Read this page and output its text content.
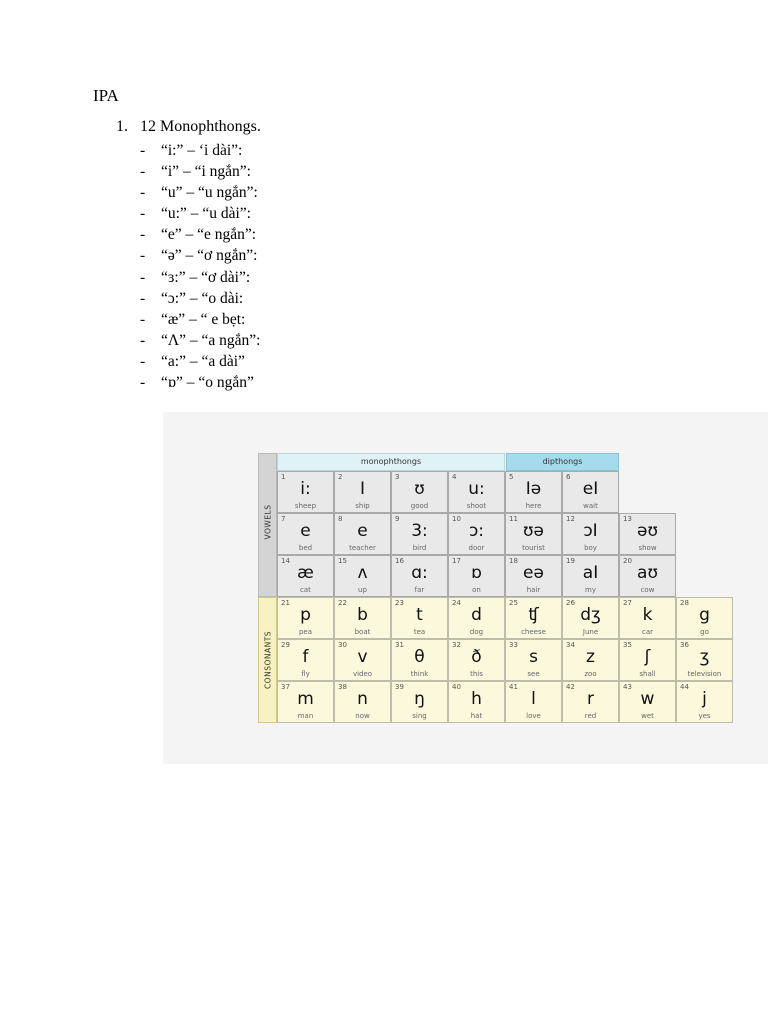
IPA
1. 12 Monophthongs.
- “i:” – ‘i dài”:
- “i” – “i ngắn”:
- “u” – “u ngắn”:
- “u:” – “u dài”:
- “e” – “e ngắn”:
- “ə” – “ơ ngắn”:
- “ɜ:” – “ơ dài”:
- “ɔ:” – “o dài:
- “æ” – “ e bẹt:
- “Λ” – “a ngắn”:
- “a:” – “a dài”
- “ɒ” – “o ngắn”
monophthongs	dipthongs
VOWELS
CONSONANTS
1
i:
sheep
2
I
ship
3
ʊ
good
4
u:
shoot
5
Iə
here
6
eI
wait
7
e
bed
8
e
teacher
9
3:
bird
10
ɔ:
door
11
ʊə
tourist
12
ɔI
boy
13
əʊ
show
14
æ
cat
15
ʌ
up
16
ɑ:
far
17
ɒ
on
18
eə
hair
19
aI
my
20
aʊ
cow
21
p
pea
22
b
boat
23
t
tea
24
d
dog
25
ʧ
cheese
26
dʒ
June
27
k
car
28
g
go
29
f
fly
30
v
video
31
θ
think
32
ð
this
33
s
see
34
z
zoo
35
ʃ
shall
36
ʒ
television
37
m
man
38
n
now
39
ŋ
sing
40
h
hat
41
l
love
42
r
red
43
w
wet
44
j
yes
